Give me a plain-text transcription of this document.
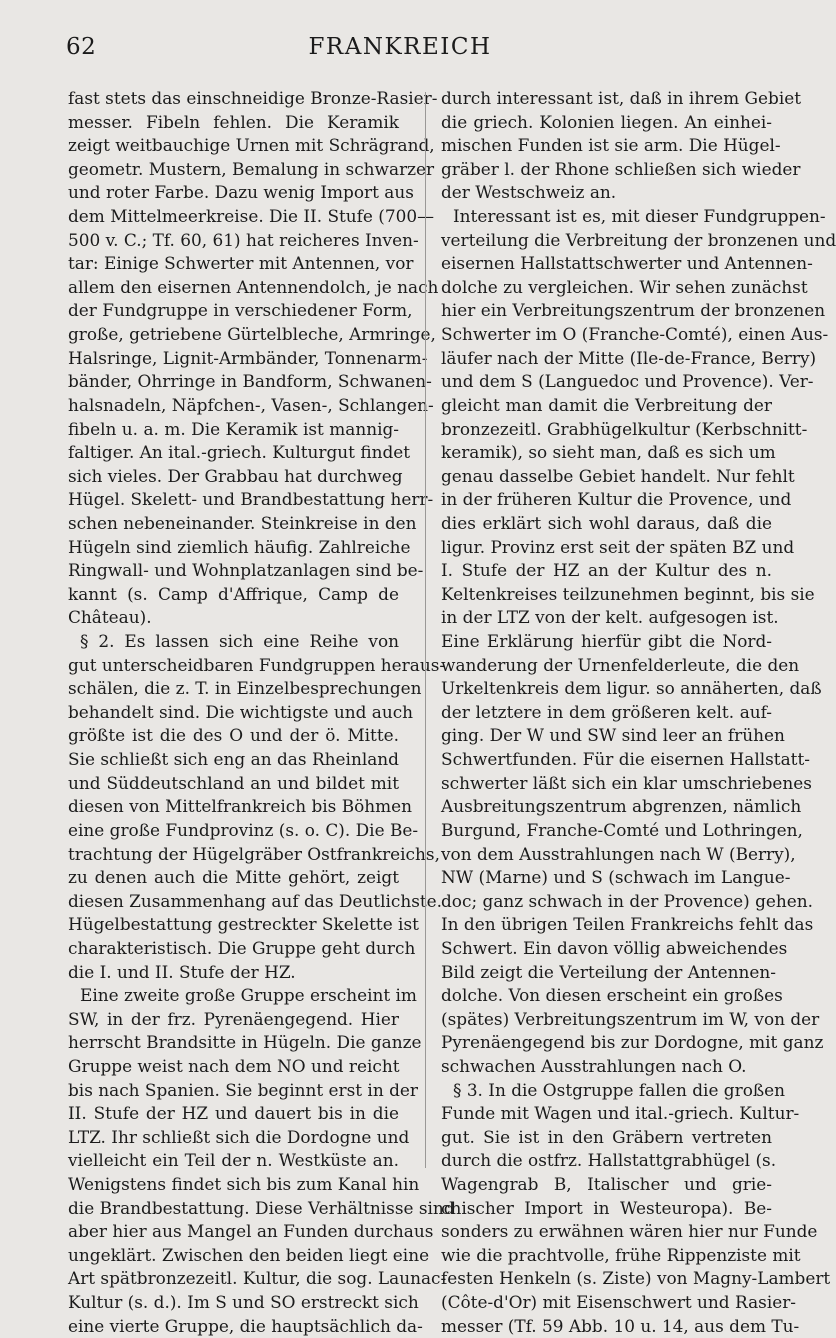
62	FRANKREICH
fast stets das einschneidige Bronze-Rasier-
messer. Fibeln fehlen. Die Keramik
zeigt weitbauchige Urnen mit Schrägrand,
geometr. Mustern, Bemalung in schwarzer
und roter Farbe. Dazu wenig Import aus
dem Mittelmeerkreise. Die II. Stufe (700—
500 v. C.; Tf. 60, 61) hat reicheres Inven-
tar: Einige Schwerter mit Antennen, vor
allem den eisernen Antennendolch, je nach
der Fundgruppe in verschiedener Form,
große, getriebene Gürtelbleche, Armringe,
Halsringe, Lignit-Armbänder, Tonnenarm-
bänder, Ohrringe in Bandform, Schwanen-
halsnadeln, Näpfchen-, Vasen-, Schlangen-
fibeln u. a. m. Die Keramik ist mannig-
faltiger. An ital.-griech. Kulturgut findet
sich vieles. Der Grabbau hat durchweg
Hügel. Skelett- und Brandbestattung herr-
schen nebeneinander. Steinkreise in den
Hügeln sind ziemlich häufig. Zahlreiche
Ringwall- und Wohnplatzanlagen sind be-
kannt (s. Camp d'Affrique, Camp de
Château).
§ 2. Es lassen sich eine Reihe von
gut unterscheidbaren Fundgruppen heraus-
schälen, die z. T. in Einzelbesprechungen
behandelt sind. Die wichtigste und auch
größte ist die des O und der ö. Mitte.
Sie schließt sich eng an das Rheinland
und Süddeutschland an und bildet mit
diesen von Mittelfrankreich bis Böhmen
eine große Fundprovinz (s. o. C). Die Be-
trachtung der Hügelgräber Ostfrankreichs,
zu denen auch die Mitte gehört, zeigt
diesen Zusammenhang auf das Deutlichste.
Hügelbestattung gestreckter Skelette ist
charakteristisch. Die Gruppe geht durch
die I. und II. Stufe der HZ.
Eine zweite große Gruppe erscheint im
SW, in der frz. Pyrenäengegend. Hier
herrscht Brandsitte in Hügeln. Die ganze
Gruppe weist nach dem NO und reicht
bis nach Spanien. Sie beginnt erst in der
II. Stufe der HZ und dauert bis in die
LTZ. Ihr schließt sich die Dordogne und
vielleicht ein Teil der n. Westküste an.
Wenigstens findet sich bis zum Kanal hin
die Brandbestattung. Diese Verhältnisse sind
aber hier aus Mangel an Funden durchaus
ungeklärt. Zwischen den beiden liegt eine
Art spätbronzezeitl. Kultur, die sog. Launac-
Kultur (s. d.). Im S und SO erstreckt sich
eine vierte Gruppe, die hauptsächlich da-
durch interessant ist, daß in ihrem Gebiet
die griech. Kolonien liegen. An einhei-
mischen Funden ist sie arm. Die Hügel-
gräber l. der Rhone schließen sich wieder
der Westschweiz an.
Interessant ist es, mit dieser Fundgruppen-
verteilung die Verbreitung der bronzenen und
eisernen Hallstattschwerter und Antennen-
dolche zu vergleichen. Wir sehen zunächst
hier ein Verbreitungszentrum der bronzenen
Schwerter im O (Franche-Comté), einen Aus-
läufer nach der Mitte (Ile-de-France, Berry)
und dem S (Languedoc und Provence). Ver-
gleicht man damit die Verbreitung der
bronzezeitl. Grabhügelkultur (Kerbschnitt-
keramik), so sieht man, daß es sich um
genau dasselbe Gebiet handelt. Nur fehlt
in der früheren Kultur die Provence, und
dies erklärt sich wohl daraus, daß die
ligur. Provinz erst seit der späten BZ und
I. Stufe der HZ an der Kultur des n.
Keltenkreises teilzunehmen beginnt, bis sie
in der LTZ von der kelt. aufgesogen ist.
Eine Erklärung hierfür gibt die Nord-
wanderung der Urnenfelderleute, die den
Urkeltenkreis dem ligur. so annäherten, daß
der letztere in dem größeren kelt. auf-
ging. Der W und SW sind leer an frühen
Schwertfunden. Für die eisernen Hallstatt-
schwerter läßt sich ein klar umschriebenes
Ausbreitungszentrum abgrenzen, nämlich
Burgund, Franche-Comté und Lothringen,
von dem Ausstrahlungen nach W (Berry),
NW (Marne) und S (schwach im Langue-
doc; ganz schwach in der Provence) gehen.
In den übrigen Teilen Frankreichs fehlt das
Schwert. Ein davon völlig abweichendes
Bild zeigt die Verteilung der Antennen-
dolche. Von diesen erscheint ein großes
(spätes) Verbreitungszentrum im W, von der
Pyrenäengegend bis zur Dordogne, mit ganz
schwachen Ausstrahlungen nach O.
§ 3. In die Ostgruppe fallen die großen
Funde mit Wagen und ital.-griech. Kultur-
gut. Sie ist in den Gräbern vertreten
durch die ostfrz. Hallstattgrabhügel (s.
Wagengrab B, Italischer und grie-
chischer Import in Westeuropa). Be-
sonders zu erwähnen wären hier nur Funde
wie die prachtvolle, frühe Rippenziste mit
festen Henkeln (s. Ziste) von Magny-Lambert
(Côte-d'Or) mit Eisenschwert und Rasier-
messer (Tf. 59 Abb. 10 u. 14, aus dem Tu-
